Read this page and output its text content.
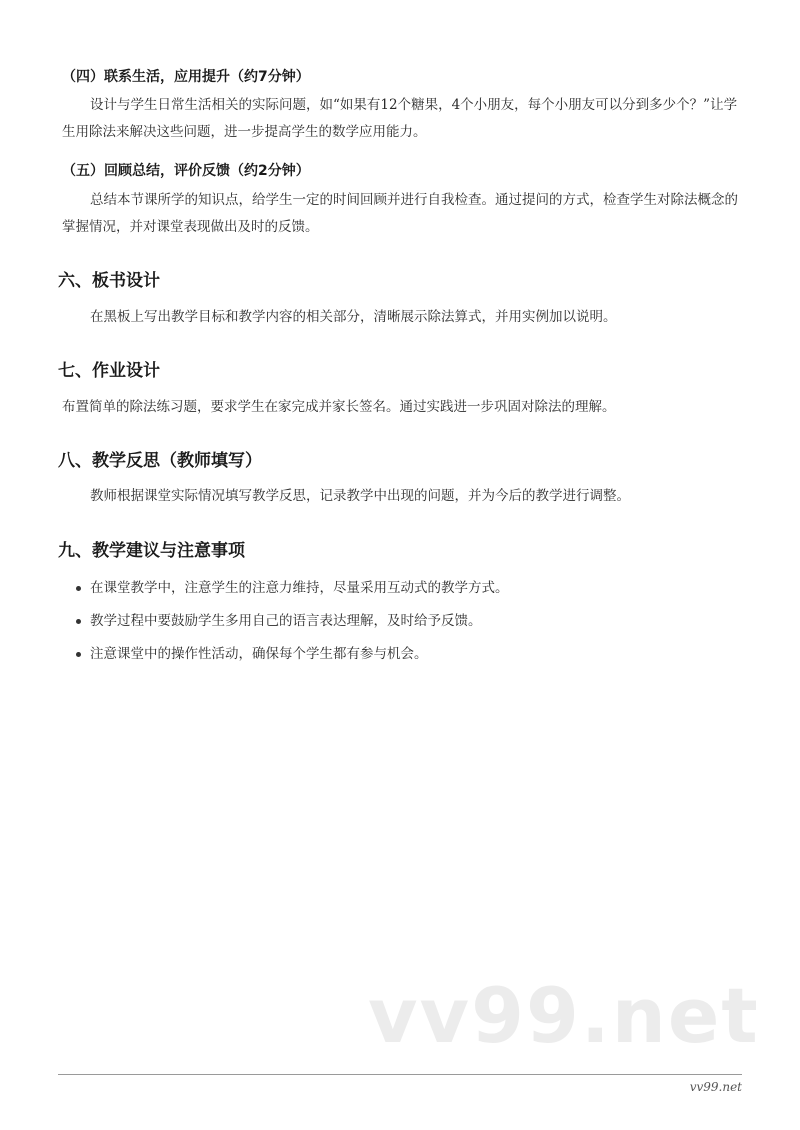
（四）联系生活，应用提升（约7分钟）

设计与学生日常生活相关的实际问题，如“如果有12个糖果，4个小朋友，每个小朋友可以分到多少个？”让学生用除法来解决这些问题，进一步提高学生的数学应用能力。

（五）回顾总结，评价反馈（约2分钟）

总结本节课所学的知识点，给学生一定的时间回顾并进行自我检查。通过提问的方式，检查学生对除法概念的掌握情况，并对课堂表现做出及时的反馈。

六、板书设计

在黑板上写出教学目标和教学内容的相关部分，清晰展示除法算式，并用实例加以说明。

七、作业设计

布置简单的除法练习题，要求学生在家完成并家长签名。通过实践进一步巩固对除法的理解。

八、教学反思（教师填写）

教师根据课堂实际情况填写教学反思，记录教学中出现的问题，并为今后的教学进行调整。

九、教学建议与注意事项
在课堂教学中，注意学生的注意力维持，尽量采用互动式的教学方式。
教学过程中要鼓励学生多用自己的语言表达理解，及时给予反馈。
注意课堂中的操作性活动，确保每个学生都有参与机会。
vv99.net
vv99.net
